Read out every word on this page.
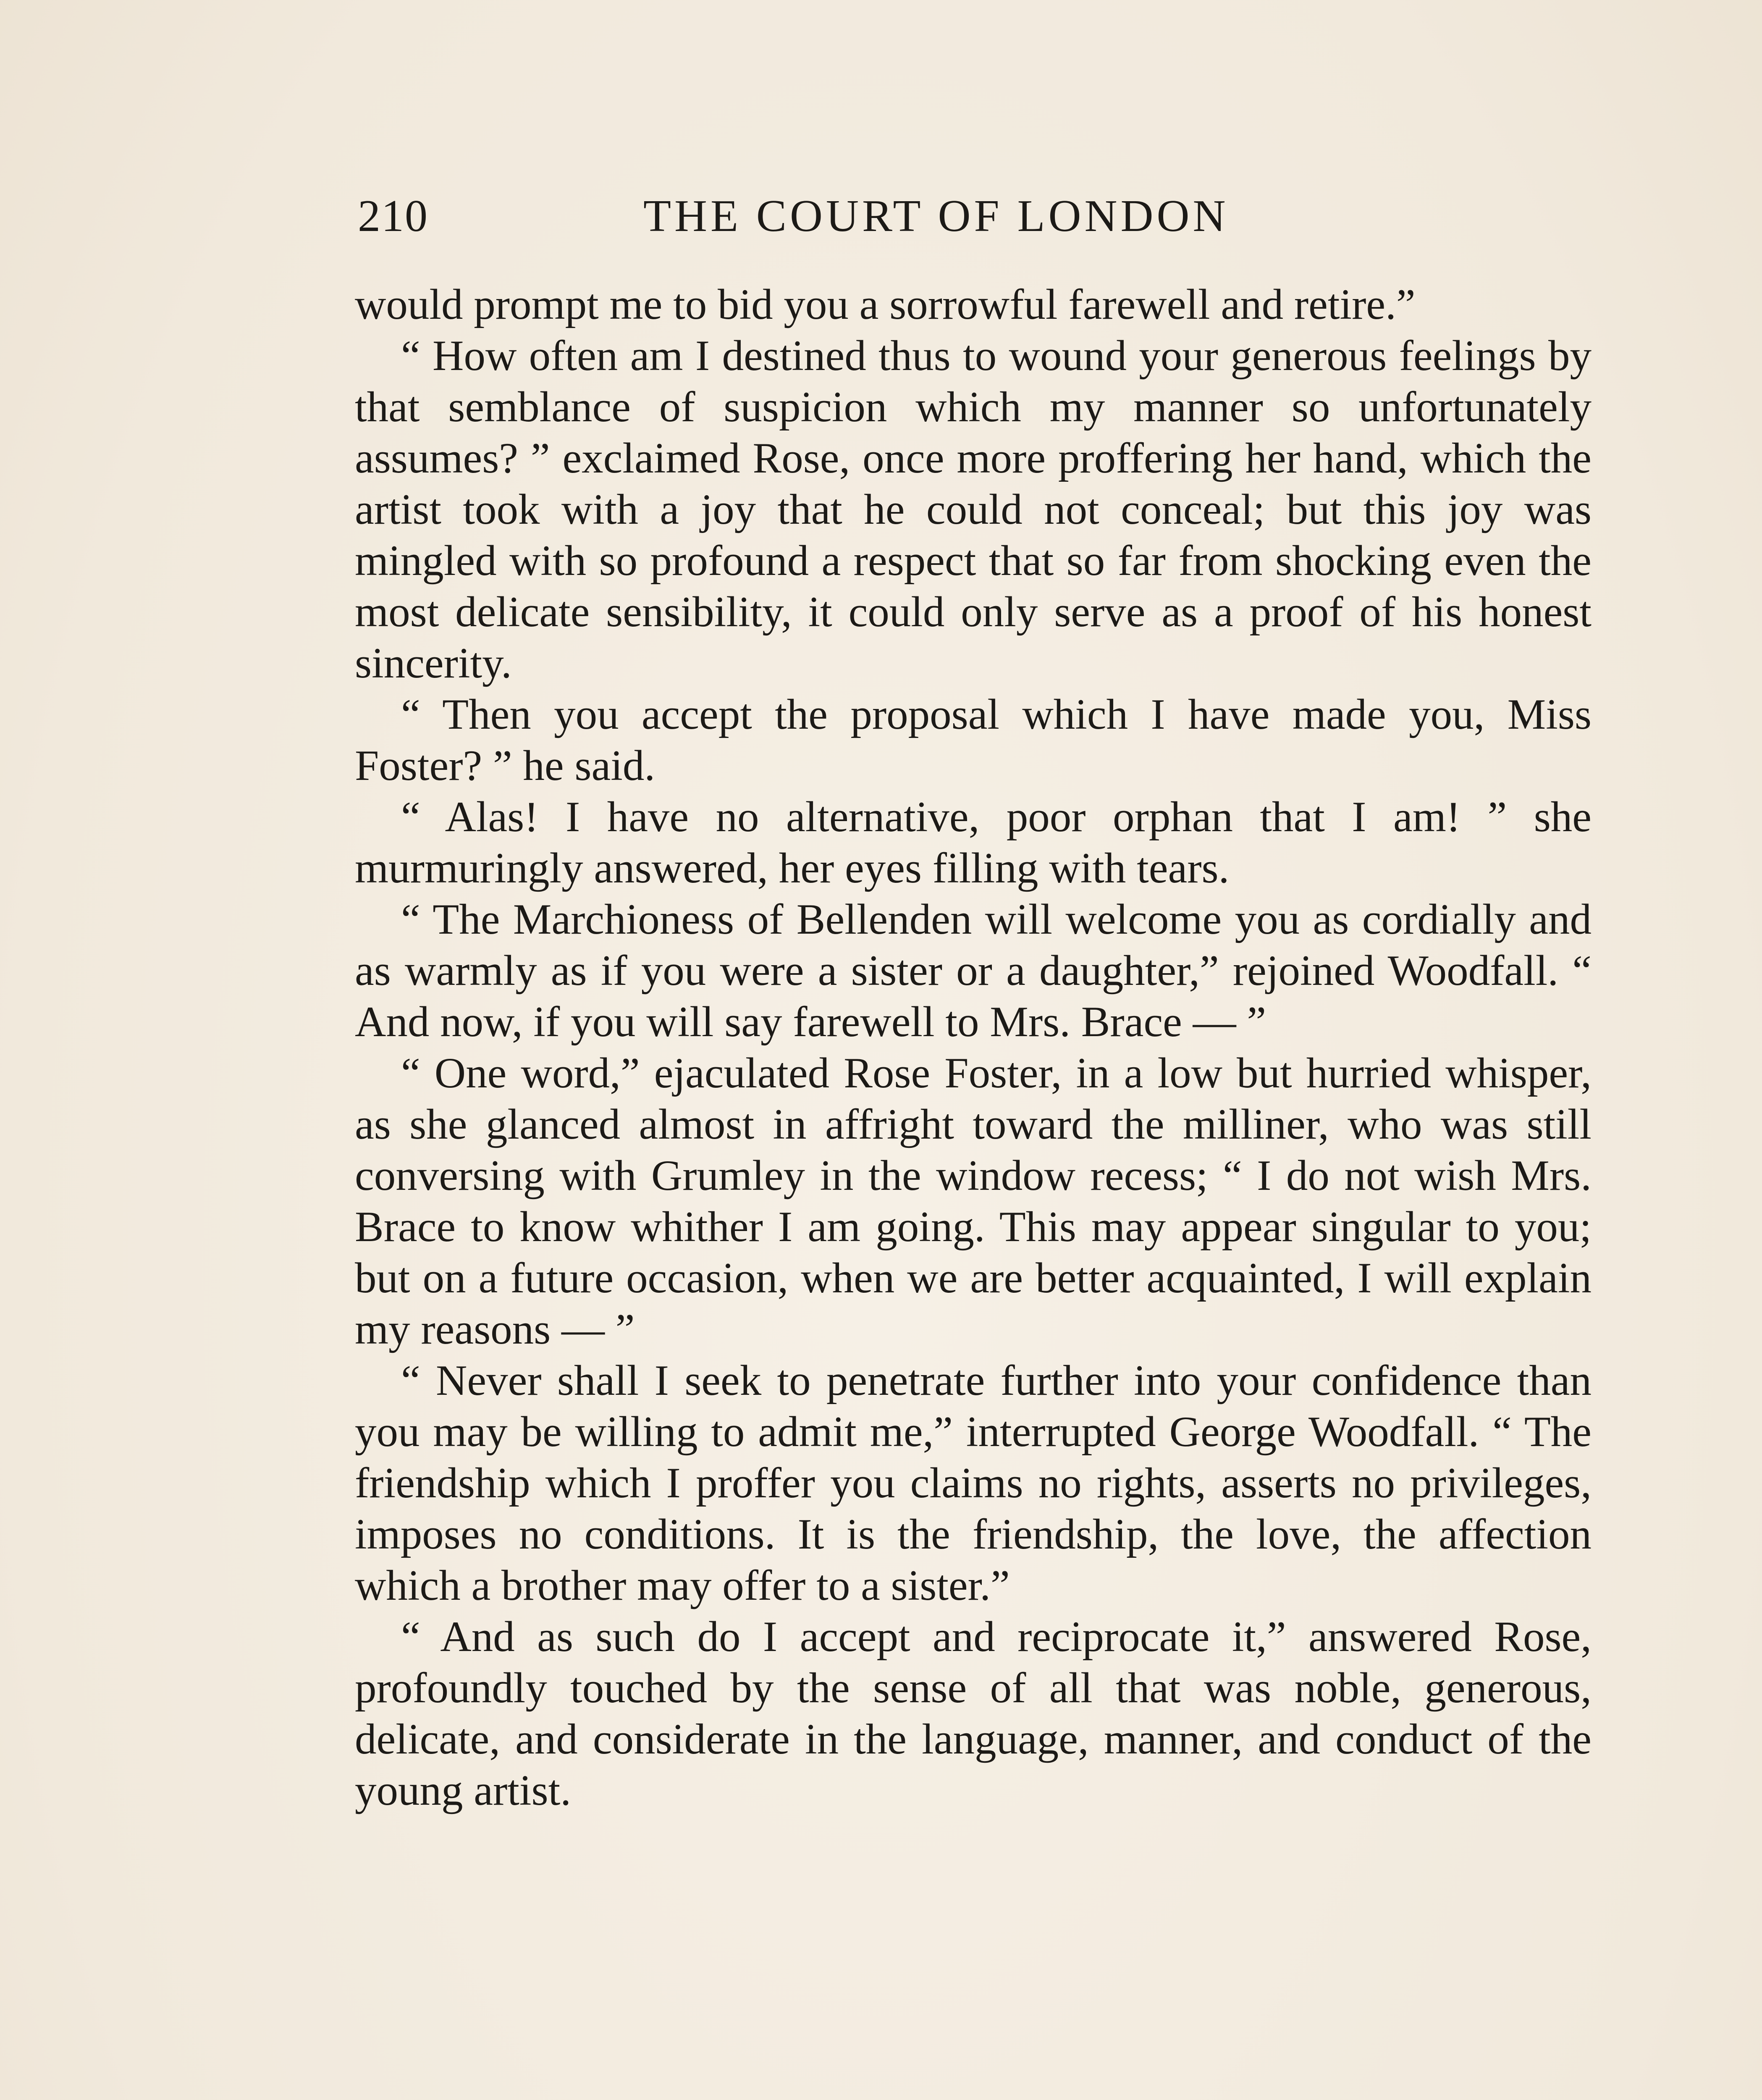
210	THE COURT OF LONDON

would prompt me to bid you a sorrowful farewell and retire.”

“ How often am I destined thus to wound your generous feelings by that semblance of suspicion which my manner so unfortunately assumes? ” exclaimed Rose, once more proffering her hand, which the artist took with a joy that he could not conceal; but this joy was mingled with so profound a respect that so far from shocking even the most delicate sensibility, it could only serve as a proof of his honest sincerity.

“ Then you accept the proposal which I have made you, Miss Foster? ” he said.

“ Alas! I have no alternative, poor orphan that I am! ” she murmuringly answered, her eyes filling with tears.

“ The Marchioness of Bellenden will welcome you as cordially and as warmly as if you were a sister or a daughter,” rejoined Woodfall. “ And now, if you will say farewell to Mrs. Brace — ”

“ One word,” ejaculated Rose Foster, in a low but hurried whisper, as she glanced almost in affright toward the milliner, who was still conversing with Grumley in the window recess; “ I do not wish Mrs. Brace to know whither I am going. This may appear singular to you; but on a future occasion, when we are better acquainted, I will explain my reasons — ”

“ Never shall I seek to penetrate further into your confidence than you may be willing to admit me,” interrupted George Woodfall. “ The friendship which I proffer you claims no rights, asserts no privileges, imposes no conditions. It is the friendship, the love, the affection which a brother may offer to a sister.”

“ And as such do I accept and reciprocate it,” answered Rose, profoundly touched by the sense of all that was noble, generous, delicate, and considerate in the language, manner, and conduct of the young artist.
